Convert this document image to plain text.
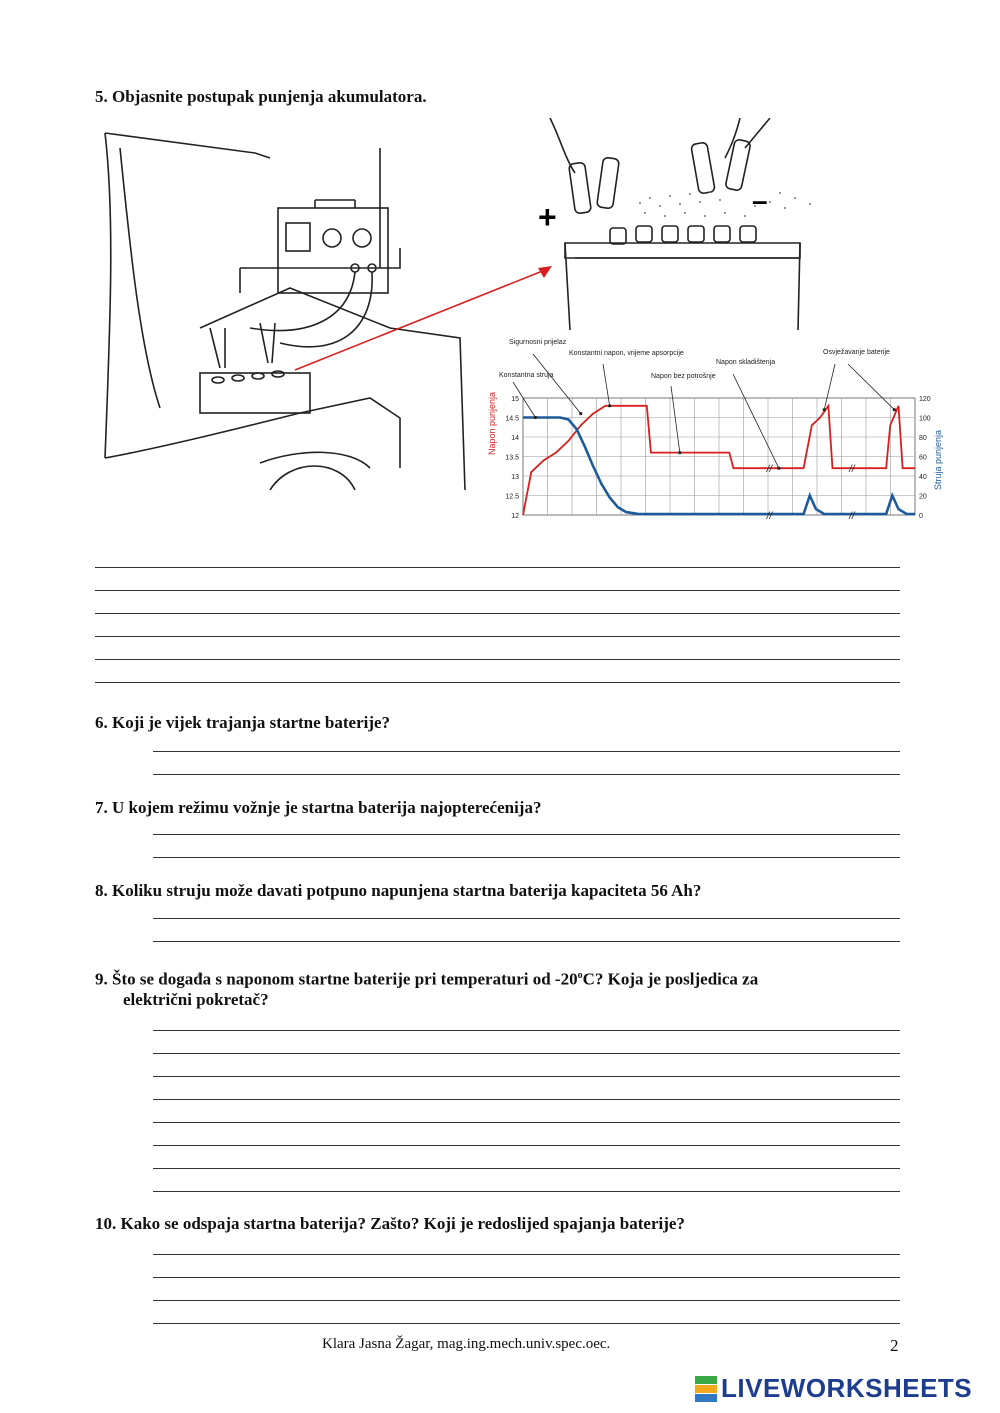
5. Objasnite postupak punjenja akumulatora.
+	–
//	//
//	//
15
14.5
14
13.5
13
12.5
12
120
100
80
60
40
20
0
Napon punjenja
Struja punjenja
Sigurnosni prijelaz
Konstantna struja
Konstantni napon, vrijeme apsorpcije
Napon bez potrošnje
Napon skladištenja
Osvježavanje baterije
6. Koji je vijek trajanja startne baterije?
7. U kojem režimu vožnje je startna baterija najopterećenija?
8. Koliku struju može davati potpuno napunjena startna baterija kapaciteta 56 Ah?
9. Što se događa s naponom startne baterije pri temperaturi od -20$^o$C? Koja je posljedica za
električni pokretač?
10. Kako se odspaja startna baterija? Zašto? Koji je redoslijed spajanja baterije?
Klara Jasna Žagar, mag.ing.mech.univ.spec.oec.	2
LIVEWORKSHEETS
